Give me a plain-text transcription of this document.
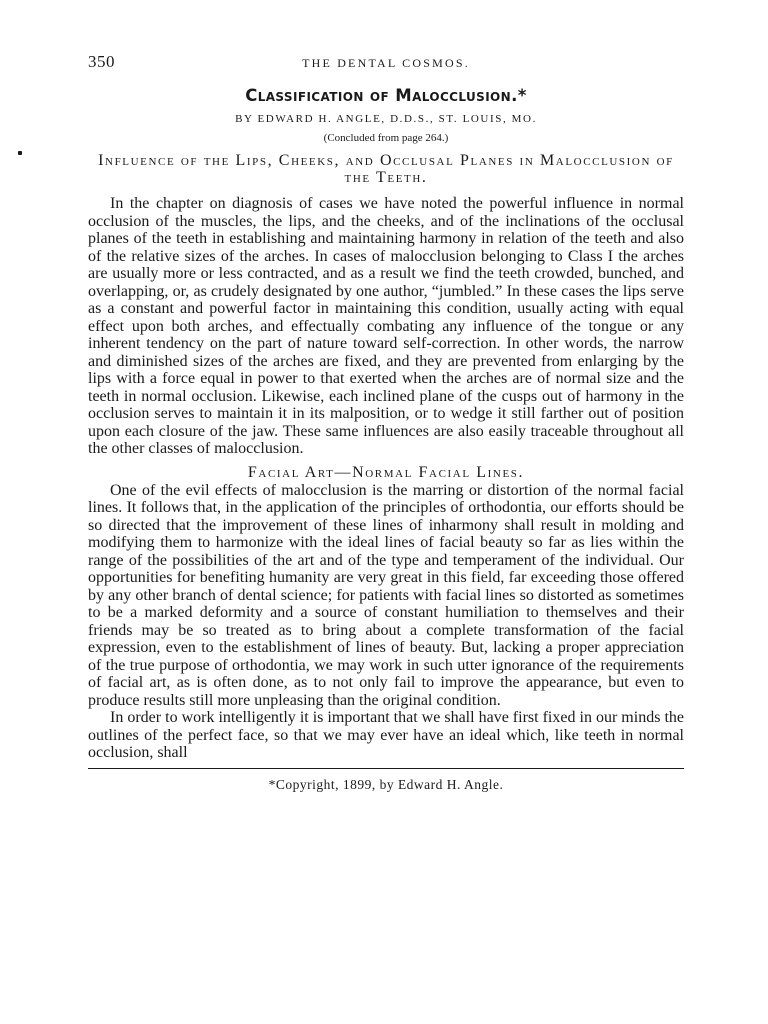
350	THE DENTAL COSMOS.
Classification of Malocclusion.*
BY EDWARD H. ANGLE, D.D.S., ST. LOUIS, MO.
(Concluded from page 264.)
Influence of the Lips, Cheeks, and Occlusal Planes in Malocclusion of the Teeth.

In the chapter on diagnosis of cases we have noted the powerful influence in normal occlusion of the muscles, the lips, and the cheeks, and of the inclinations of the occlusal planes of the teeth in establishing and maintaining harmony in relation of the teeth and also of the relative sizes of the arches. In cases of malocclusion belonging to Class I the arches are usually more or less contracted, and as a result we find the teeth crowded, bunched, and overlapping, or, as crudely designated by one author, “jumbled.” In these cases the lips serve as a constant and powerful factor in maintaining this condition, usually acting with equal effect upon both arches, and effectually combating any influence of the tongue or any inherent tendency on the part of nature toward self-correction. In other words, the narrow and diminished sizes of the arches are fixed, and they are prevented from enlarging by the lips with a force equal in power to that exerted when the arches are of normal size and the teeth in normal occlusion. Likewise, each inclined plane of the cusps out of harmony in the occlusion serves to maintain it in its malposition, or to wedge it still farther out of position upon each closure of the jaw. These same influences are also easily traceable throughout all the other classes of malocclusion.

Facial Art—Normal Facial Lines.

One of the evil effects of malocclusion is the marring or distortion of the normal facial lines. It follows that, in the application of the principles of orthodontia, our efforts should be so directed that the improvement of these lines of inharmony shall result in molding and modifying them to harmonize with the ideal lines of facial beauty so far as lies within the range of the possibilities of the art and of the type and temperament of the individual. Our opportunities for benefiting humanity are very great in this field, far exceeding those offered by any other branch of dental science; for patients with facial lines so distorted as sometimes to be a marked deformity and a source of constant humiliation to themselves and their friends may be so treated as to bring about a complete transformation of the facial expression, even to the establishment of lines of beauty. But, lacking a proper appreciation of the true purpose of orthodontia, we may work in such utter ignorance of the requirements of facial art, as is often done, as to not only fail to improve the appearance, but even to produce results still more unpleasing than the original condition.

In order to work intelligently it is important that we shall have first fixed in our minds the outlines of the perfect face, so that we may ever have an ideal which, like teeth in normal occlusion, shall

*Copyright, 1899, by Edward H. Angle.
